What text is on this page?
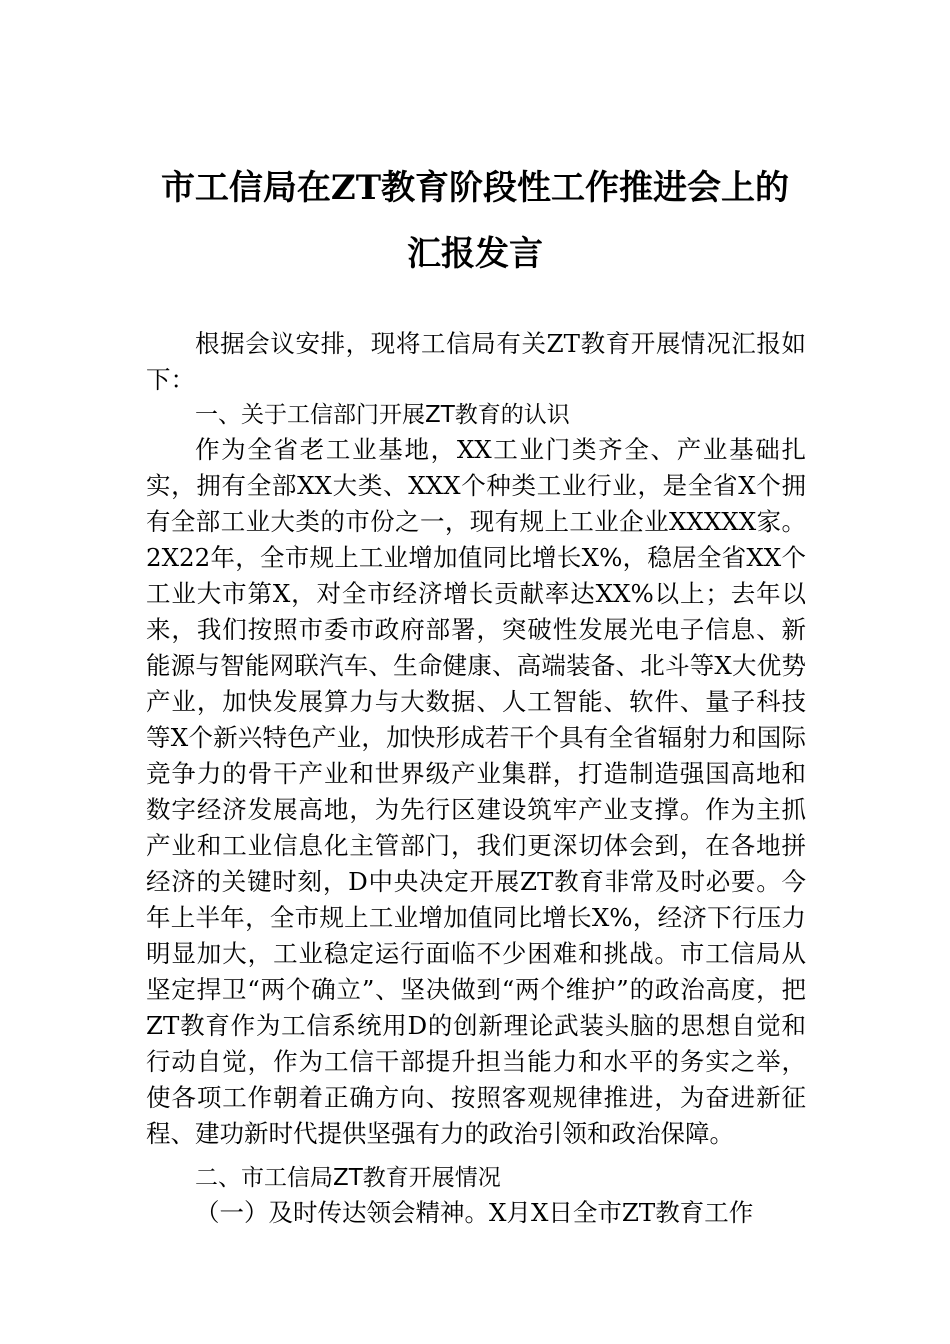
市工信局在ZT教育阶段性工作推进会上的
汇报发言

根据会议安排，现将工信局有关ZT教育开展情况汇报如下：

一、关于工信部门开展ZT教育的认识

作为全省老工业基地，XX工业门类齐全、产业基础扎实，拥有全部XX大类、XXX个种类工业行业，是全省X个拥有全部工业大类的市份之一，现有规上工业企业XXXXX家。2X22年，全市规上工业增加值同比增长X%，稳居全省XX个工业大市第X，对全市经济增长贡献率达XX%以上；去年以来，我们按照市委市政府部署，突破性发展光电子信息、新能源与智能网联汽车、生命健康、高端装备、北斗等X大优势产业，加快发展算力与大数据、人工智能、软件、量子科技等X个新兴特色产业，加快形成若干个具有全省辐射力和国际竞争力的骨干产业和世界级产业集群，打造制造强国高地和数字经济发展高地，为先行区建设筑牢产业支撑。作为主抓产业和工业信息化主管部门，我们更深切体会到，在各地拼经济的关键时刻，D中央决定开展ZT教育非常及时必要。今年上半年，全市规上工业增加值同比增长X%，经济下行压力明显加大，工业稳定运行面临不少困难和挑战。市工信局从坚定捍卫“两个确立”、坚决做到“两个维护”的政治高度，把ZT教育作为工信系统用D的创新理论武装头脑的思想自觉和行动自觉，作为工信干部提升担当能力和水平的务实之举，使各项工作朝着正确方向、按照客观规律推进，为奋进新征程、建功新时代提供坚强有力的政治引领和政治保障。

二、市工信局ZT教育开展情况

（一）及时传达领会精神。X月X日全市ZT教育工作
